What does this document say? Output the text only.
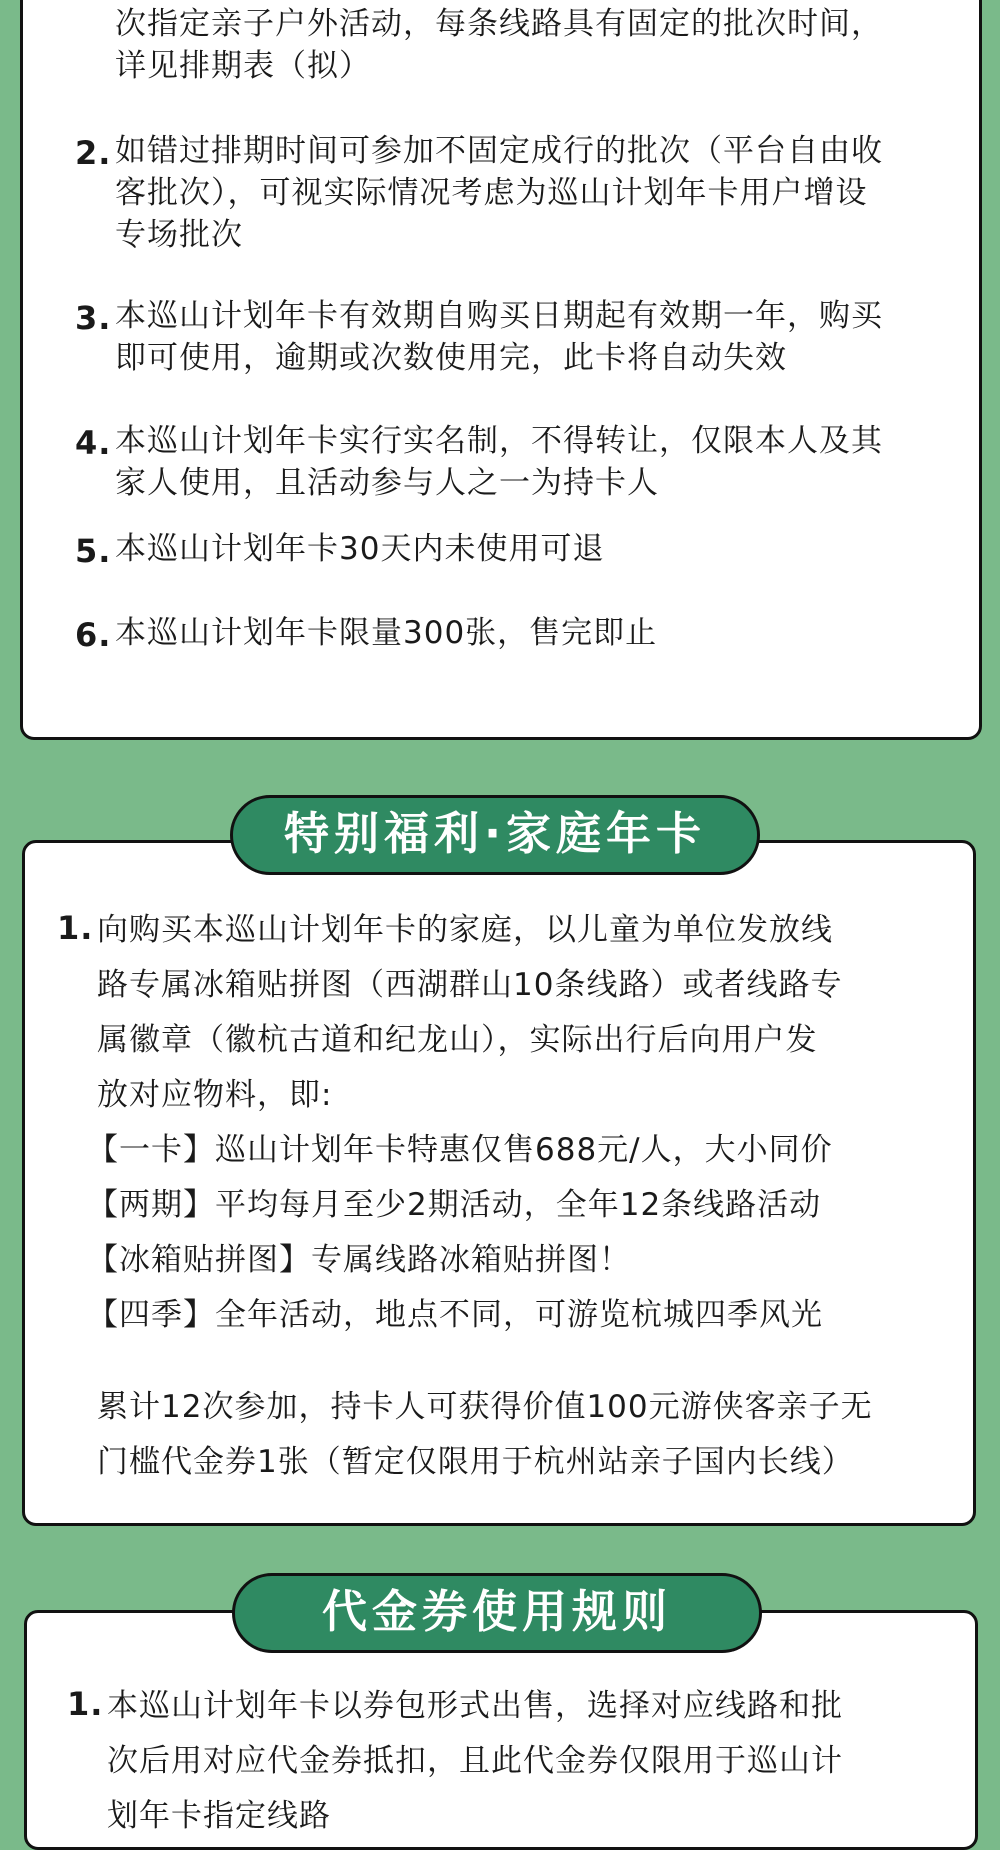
次指定亲子户外活动，每条线路具有固定的批次时间，
详见排期表（拟）
2. 如错过排期时间可参加不固定成行的批次（平台自由收
客批次），可视实际情况考虑为巡山计划年卡用户增设
专场批次
3. 本巡山计划年卡有效期自购买日期起有效期一年，购买
即可使用，逾期或次数使用完，此卡将自动失效
4. 本巡山计划年卡实行实名制，不得转让，仅限本人及其
家人使用，且活动参与人之一为持卡人
5. 本巡山计划年卡30天内未使用可退
6. 本巡山计划年卡限量300张，售完即止
1. 向购买本巡山计划年卡的家庭，以儿童为单位发放线
路专属冰箱贴拼图（西湖群山10条线路）或者线路专
属徽章（徽杭古道和纪龙山），实际出行后向用户发
放对应物料，即:
【一卡】巡山计划年卡特惠仅售688元/人，大小同价
【两期】平均每月至少2期活动，全年12条线路活动
【冰箱贴拼图】专属线路冰箱贴拼图！
【四季】全年活动，地点不同，可游览杭城四季风光
累计12次参加，持卡人可获得价值100元游侠客亲子无
门槛代金券1张（暂定仅限用于杭州站亲子国内长线）
特别福利·家庭年卡
1. 本巡山计划年卡以券包形式出售，选择对应线路和批
次后用对应代金券抵扣，且此代金券仅限用于巡山计
划年卡指定线路
代金券使用规则
